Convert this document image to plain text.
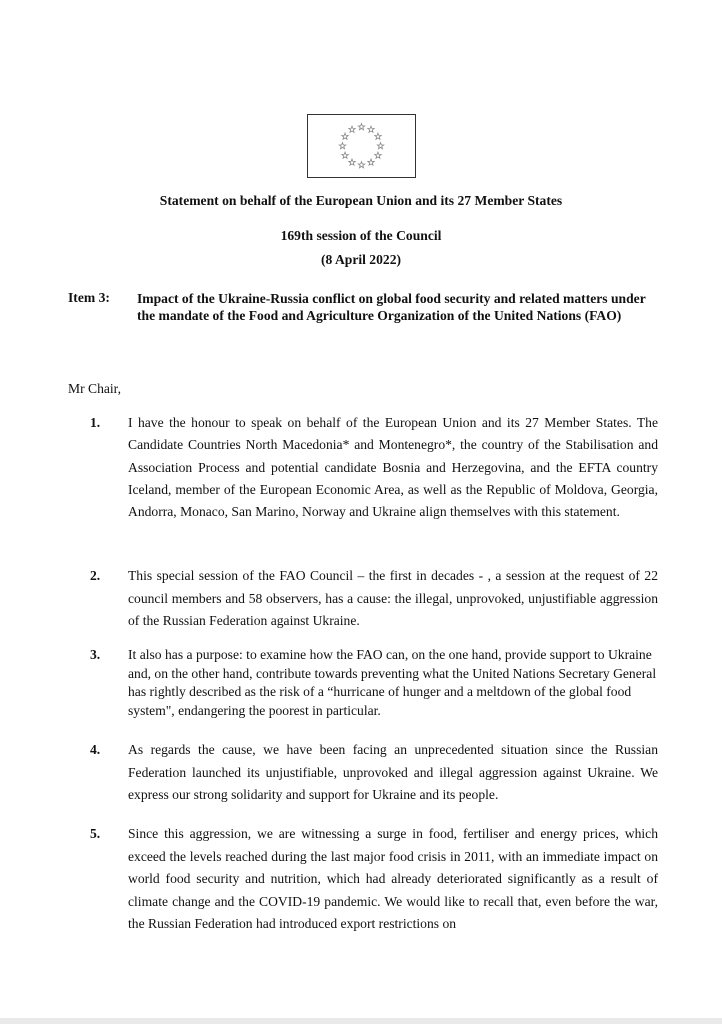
Statement on behalf of the European Union and its 27 Member States
169th session of the Council
(8 April 2022)
Item 3: Impact of the Ukraine-Russia conflict on global food security and related matters under the mandate of the Food and Agriculture Organization of the United Nations (FAO)
Mr Chair,
1. I have the honour to speak on behalf of the European Union and its 27 Member States. The Candidate Countries North Macedonia* and Montenegro*, the country of the Stabilisation and Association Process and potential candidate Bosnia and Herzegovina, and the EFTA country Iceland, member of the European Economic Area, as well as the Republic of Moldova, Georgia, Andorra, Monaco, San Marino, Norway and Ukraine align themselves with this statement.
2. This special session of the FAO Council – the first in decades - , a session at the request of 22 council members and 58 observers, has a cause: the illegal, unprovoked, unjustifiable aggression of the Russian Federation against Ukraine.
3. It also has a purpose: to examine how the FAO can, on the one hand, provide support to Ukraine and, on the other hand, contribute towards preventing what the United Nations Secretary General has rightly described as the risk of a “hurricane of hunger and a meltdown of the global food system", endangering the poorest in particular.
4. As regards the cause, we have been facing an unprecedented situation since the Russian Federation launched its unjustifiable, unprovoked and illegal aggression against Ukraine. We express our strong solidarity and support for Ukraine and its people.
5. Since this aggression, we are witnessing a surge in food, fertiliser and energy prices, which exceed the levels reached during the last major food crisis in 2011, with an immediate impact on world food security and nutrition, which had already deteriorated significantly as a result of climate change and the COVID-19 pandemic. We would like to recall that, even before the war, the Russian Federation had introduced export restrictions on
